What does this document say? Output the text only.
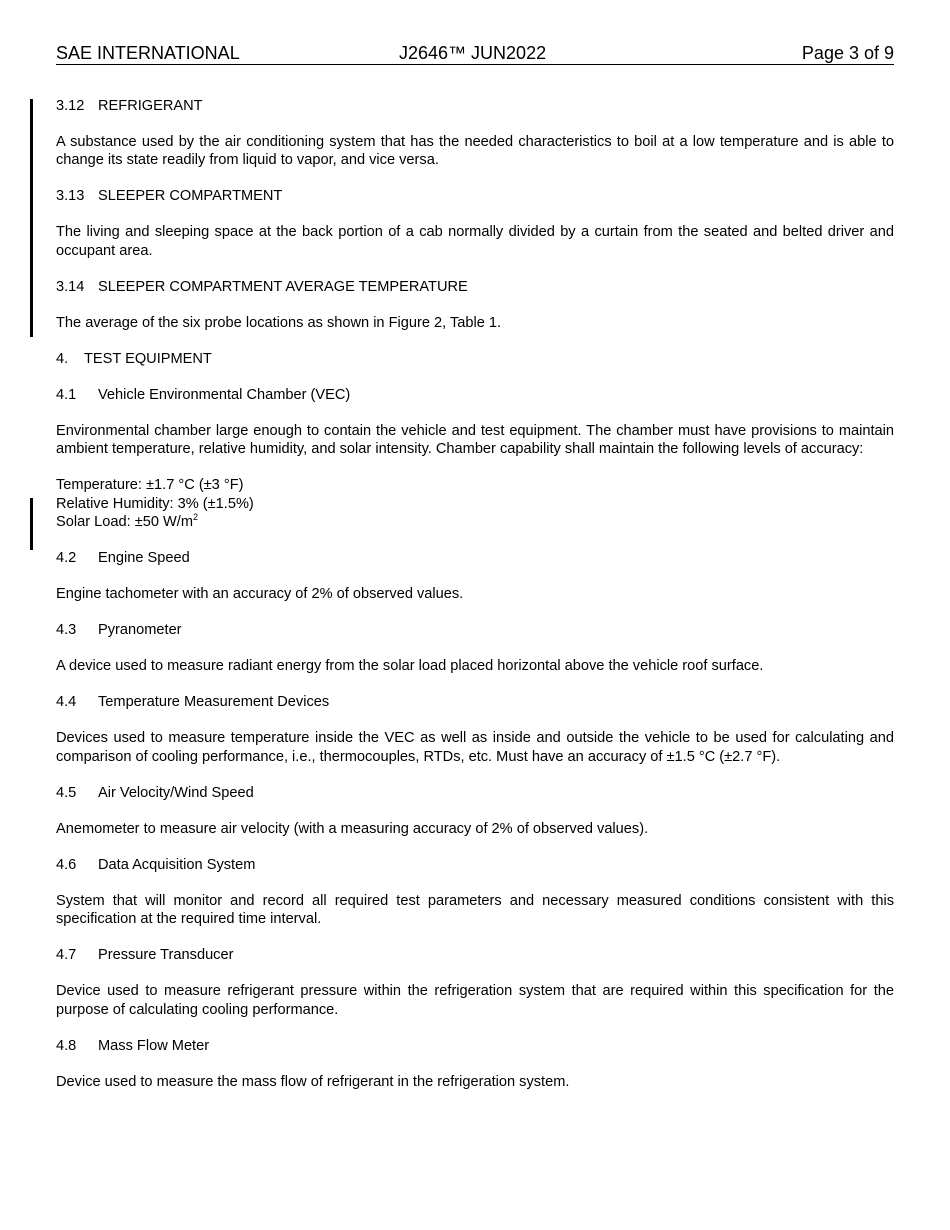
SAE INTERNATIONAL	J2646™ JUN2022	Page 3 of 9
3.12 REFRIGERANT

A substance used by the air conditioning system that has the needed characteristics to boil at a low temperature and is able to change its state readily from liquid to vapor, and vice versa.

3.13 SLEEPER COMPARTMENT

The living and sleeping space at the back portion of a cab normally divided by a curtain from the seated and belted driver and occupant area.

3.14 SLEEPER COMPARTMENT AVERAGE TEMPERATURE

The average of the six probe locations as shown in Figure 2, Table 1.

4. TEST EQUIPMENT
4.1 Vehicle Environmental Chamber (VEC)

Environmental chamber large enough to contain the vehicle and test equipment. The chamber must have provisions to maintain ambient temperature, relative humidity, and solar intensity. Chamber capability shall maintain the following levels of accuracy:

Temperature: ±1.7 °C (±3 °F)
Relative Humidity: 3% (±1.5%)
Solar Load: ±50 $W/m^2$
4.2 Engine Speed

Engine tachometer with an accuracy of 2% of observed values.

4.3 Pyranometer

A device used to measure radiant energy from the solar load placed horizontal above the vehicle roof surface.

4.4 Temperature Measurement Devices

Devices used to measure temperature inside the VEC as well as inside and outside the vehicle to be used for calculating and comparison of cooling performance, i.e., thermocouples, RTDs, etc. Must have an accuracy of ±1.5 °C (±2.7 °F).

4.5 Air Velocity/Wind Speed

Anemometer to measure air velocity (with a measuring accuracy of 2% of observed values).

4.6 Data Acquisition System

System that will monitor and record all required test parameters and necessary measured conditions consistent with this specification at the required time interval.

4.7 Pressure Transducer

Device used to measure refrigerant pressure within the refrigeration system that are required within this specification for the purpose of calculating cooling performance.

4.8 Mass Flow Meter

Device used to measure the mass flow of refrigerant in the refrigeration system.
